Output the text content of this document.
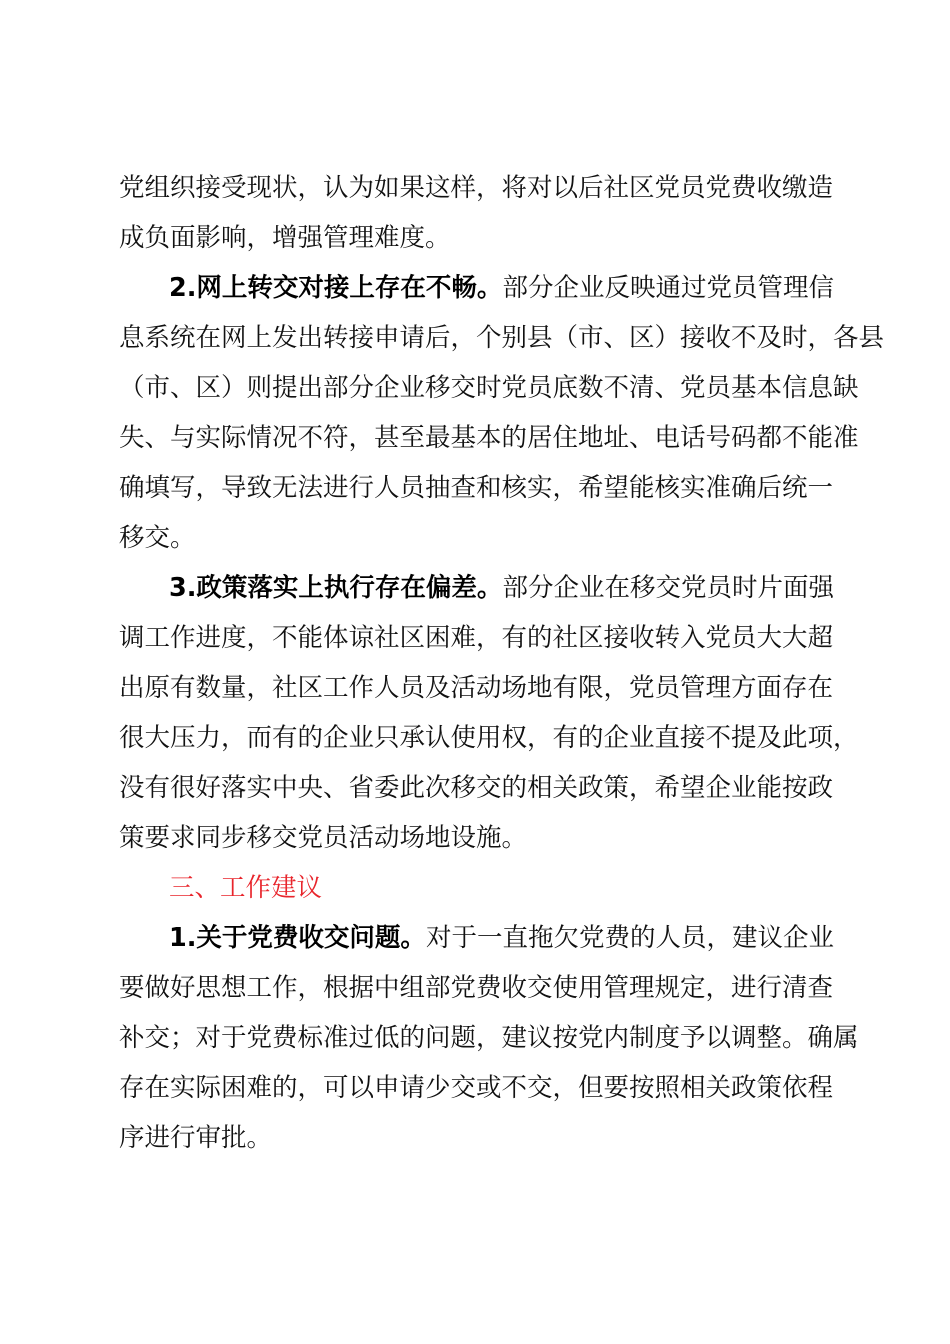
党组织接受现状，认为如果这样，将对以后社区党员党费收缴造
成负面影响，增强管理难度。
2.网上转交对接上存在不畅。部分企业反映通过党员管理信
息系统在网上发出转接申请后，个别县（市、区）接收不及时，各县
（市、区）则提出部分企业移交时党员底数不清、党员基本信息缺
失、与实际情况不符，甚至最基本的居住地址、电话号码都不能准
确填写，导致无法进行人员抽查和核实，希望能核实准确后统一
移交。
3.政策落实上执行存在偏差。部分企业在移交党员时片面强
调工作进度，不能体谅社区困难，有的社区接收转入党员大大超
出原有数量，社区工作人员及活动场地有限，党员管理方面存在
很大压力，而有的企业只承认使用权，有的企业直接不提及此项，
没有很好落实中央、省委此次移交的相关政策，希望企业能按政
策要求同步移交党员活动场地设施。
三、工作建议
1.关于党费收交问题。对于一直拖欠党费的人员，建议企业
要做好思想工作，根据中组部党费收交使用管理规定，进行清查
补交；对于党费标准过低的问题，建议按党内制度予以调整。确属
存在实际困难的，可以申请少交或不交，但要按照相关政策依程
序进行审批。
